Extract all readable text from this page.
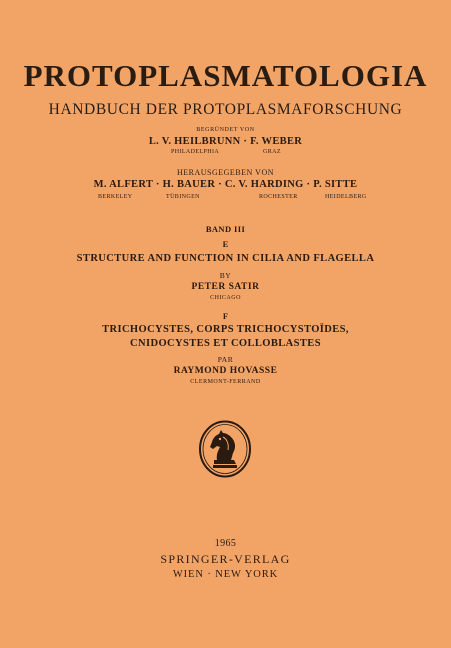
PROTOPLASMATOLOGIA
HANDBUCH DER PROTOPLASMAFORSCHUNG
BEGRÜNDET VON
L. V. HEILBRUNN · F. WEBER
PHILADELPHIA	GRAZ
HERAUSGEGEBEN VON
M. ALFERT · H. BAUER · C. V. HARDING · P. SITTE
BERKELEY	TÜBINGEN	ROCHESTER	HEIDELBERG
BAND III
E
STRUCTURE AND FUNCTION IN CILIA AND FLAGELLA
BY
PETER SATIR
CHICAGO
F
TRICHOCYSTES, CORPS TRICHOCYSTOÏDES,
CNIDOCYSTES ET COLLOBLASTES
PAR
RAYMOND HOVASSE
CLERMONT-FERRAND
1965
SPRINGER-VERLAG
WIEN · NEW YORK
